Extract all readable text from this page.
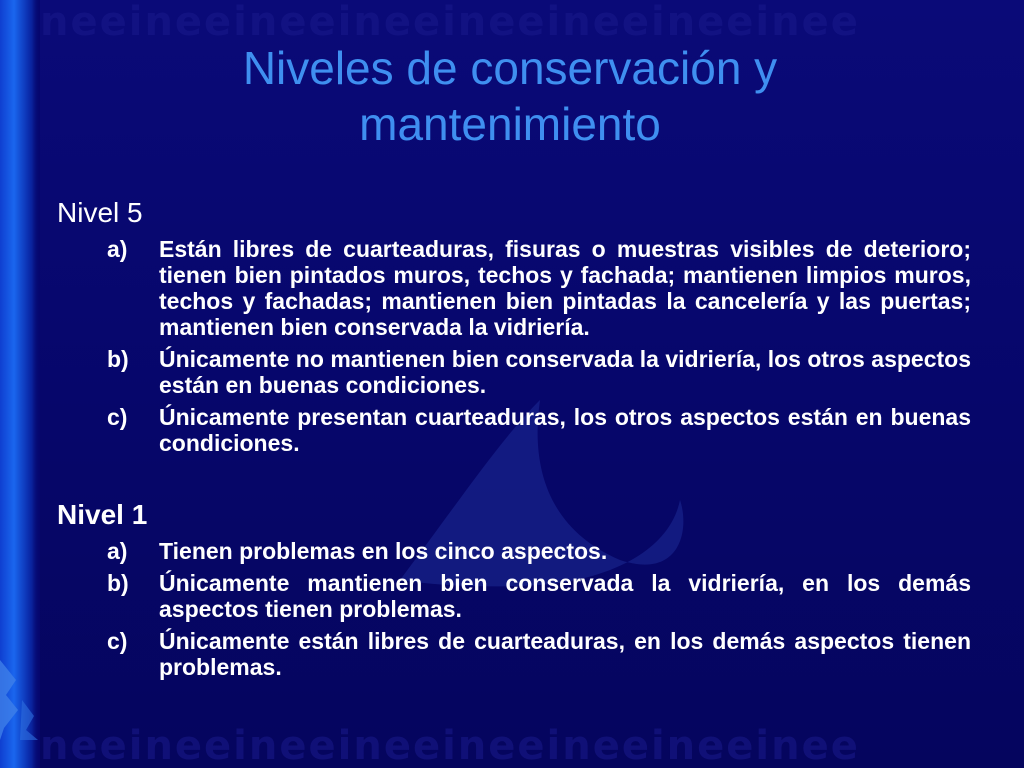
neeineeineeineeineeineeineeinee
neeineeineeineeineeineeineeinee
Niveles de conservación y mantenimiento

Nivel 5

a) Están libres de cuarteaduras, fisuras o muestras visibles de deterioro; tienen bien pintados muros, techos y fachada; mantienen limpios muros, techos y fachadas; mantienen bien pintadas la cancelería y las puertas; mantienen bien conservada la vidriería.
b) Únicamente no mantienen bien conservada la vidriería, los otros aspectos están en buenas condiciones.
c) Únicamente presentan cuarteaduras, los otros aspectos están en buenas condiciones.

Nivel 1

a) Tienen problemas en los cinco aspectos.
b) Únicamente mantienen bien conservada la vidriería, en los demás aspectos tienen problemas.
c) Únicamente están libres de cuarteaduras, en los demás aspectos tienen problemas.
